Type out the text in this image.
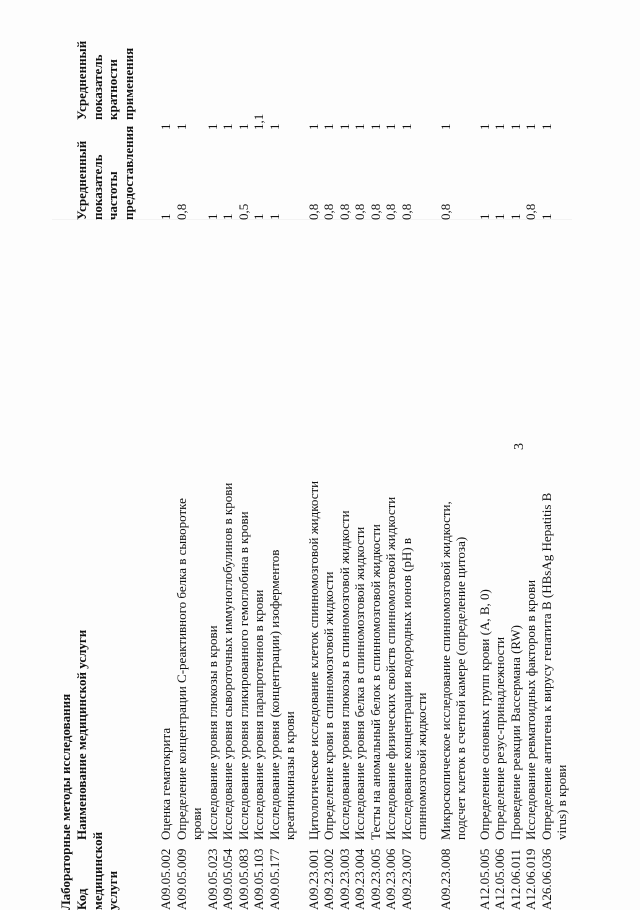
3
Лабораторные методы исследования Код медицинской услуги
Наименование медицинской услуги
Усредненный показатель частоты предоставления
Усредненный показатель кратности применения
A09.05.002
Оценка гематокрита
1
1
A09.05.009
Определение концентрации C-реактивного белка в сыворотке крови
0,8
1
A09.05.023
Исследование уровня глюкозы в крови
1
1
A09.05.054
Исследование уровня сывороточных иммуноглобулинов в крови
1
1
A09.05.083
Исследование уровня гликированного гемоглобина в крови
0,5
1
A09.05.103
Исследование уровня парапротеинов в крови
1
1,1
A09.05.177
Исследование уровня (концентрации) изоферментов креатинкиназы в крови
1
1
A09.23.001
Цитологическое исследование клеток спинномозговой жидкости
0,8
1
A09.23.002
Определение крови в спинномозговой жидкости
0,8
1
A09.23.003
Исследование уровня глюкозы в спинномозговой жидкости
0,8
1
A09.23.004
Исследование уровня белка в спинномозговой жидкости
0,8
1
A09.23.005
Тесты на аномальный белок в спинномозговой жидкости
0,8
1
A09.23.006
Исследование физических свойств спинномозговой жидкости
0,8
1
A09.23.007
Исследование концентрации водородных ионов (pH) в спинномозговой жидкости
0,8
1
A09.23.008
Микроскопическое исследование спинномозговой жидкости, подсчет клеток в счетной камере (определение цитоза)
0,8
1
A12.05.005
Определение основных групп крови (A, B, 0)
1
1
A12.05.006
Определение резус-принадлежности
1
1
A12.06.011
Проведение реакции Вассермана (RW)
1
1
A12.06.019
Исследование ревматоидных факторов в крови
0,8
1
A26.06.036
Определение антигена к вирусу гепатита B (HBsAg Hepatitis B virus) в крови
1
1
